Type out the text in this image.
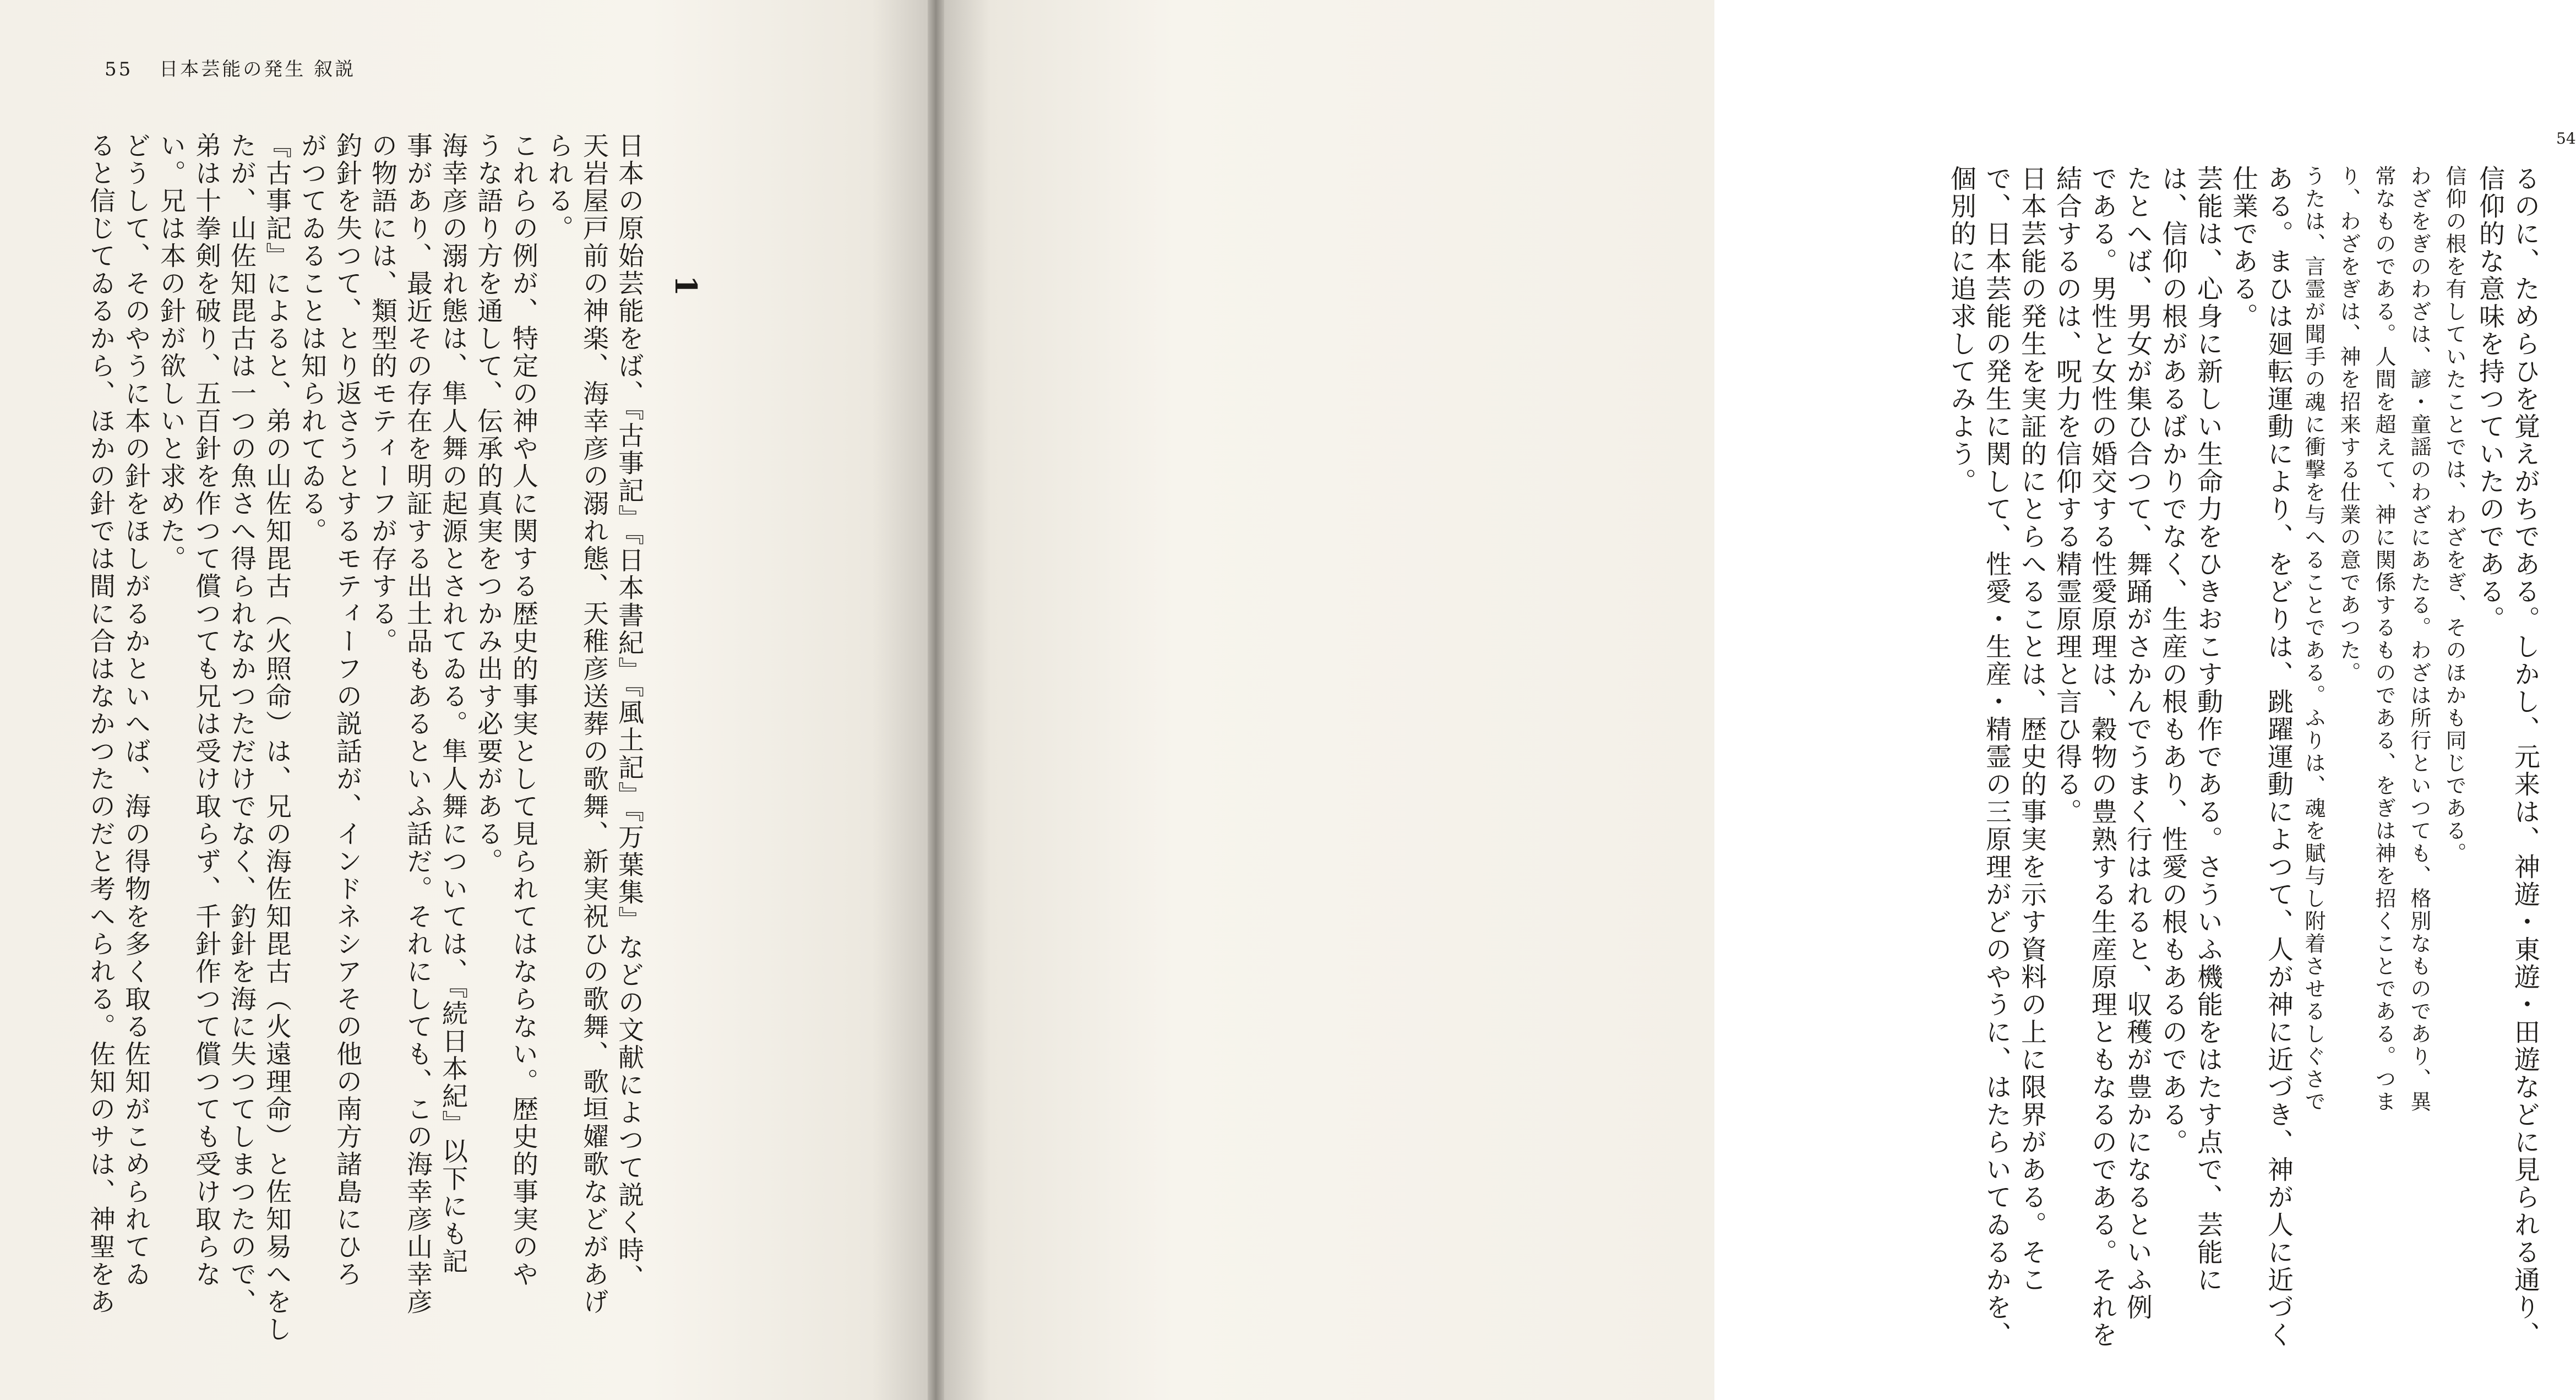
55 日本芸能の発生 叙説
1
日本の原始芸能をば、『古事記』『日本書紀』『風土記』『万葉集』などの文献によつて説く時、
天岩屋戸前の神楽、海幸彦の溺れ態、天稚彦送葬の歌舞、新実祝ひの歌舞、歌垣嬥歌などがあげ
られる。
これらの例が、特定の神や人に関する歴史的事実として見られてはならない。歴史的事実のや
うな語り方を通して、伝承的真実をつかみ出す必要がある。
海幸彦の溺れ態は、隼人舞の起源とされてゐる。隼人舞については、『続日本紀』以下にも記
事があり、最近その存在を明証する出土品もあるといふ話だ。それにしても、この海幸彦山幸彦
の物語には、類型的モティーフが存する。
釣針を失つて、とり返さうとするモティーフの説話が、インドネシアその他の南方諸島にひろ
がつてゐることは知られてゐる。
『古事記』によると、弟の山佐知毘古（火照命）は、兄の海佐知毘古（火遠理命）と佐知易へをし
たが、山佐知毘古は一つの魚さへ得られなかつただけでなく、釣針を海に失つてしまつたので、
弟は十拳剣を破り、五百針を作つて償つても兄は受け取らず、千針作つて償つても受け取らな
い。兄は本の針が欲しいと求めた。
どうして、そのやうに本の針をほしがるかといへば、海の得物を多く取る佐知がこめられてゐ
ると信じてゐるから、ほかの針では間に合はなかつたのだと考へられる。佐知のサは、神聖をあ	54
るのに、ためらひを覚えがちである。しかし、元来は、神遊・東遊・田遊などに見られる通り、
信仰的な意味を持つていたのである。
信仰の根を有していたことでは、わざをぎ、そのほかも同じである。
わざをぎのわざは、諺・童謡のわざにあたる。わざは所行といつても、格別なものであり、異
常なものである。人間を超えて、神に関係するものである、をぎは神を招くことである。つま
り、わざをぎは、神を招来する仕業の意であつた。
うたは、言霊が聞手の魂に衝撃を与へることである。ふりは、魂を賦与し附着させるしぐさで
ある。まひは廻転運動により、をどりは、跳躍運動によつて、人が神に近づき、神が人に近づく
仕業である。
芸能は、心身に新しい生命力をひきおこす動作である。さういふ機能をはたす点で、芸能に
は、信仰の根があるばかりでなく、生産の根もあり、性愛の根もあるのである。
たとへば、男女が集ひ合つて、舞踊がさかんでうまく行はれると、収穫が豊かになるといふ例
である。男性と女性の婚交する性愛原理は、穀物の豊熟する生産原理ともなるのである。それを
結合するのは、呪力を信仰する精霊原理と言ひ得る。
日本芸能の発生を実証的にとらへることは、歴史的事実を示す資料の上に限界がある。そこ
で、日本芸能の発生に関して、性愛・生産・精霊の三原理がどのやうに、はたらいてゐるかを、
個別的に追求してみよう。
